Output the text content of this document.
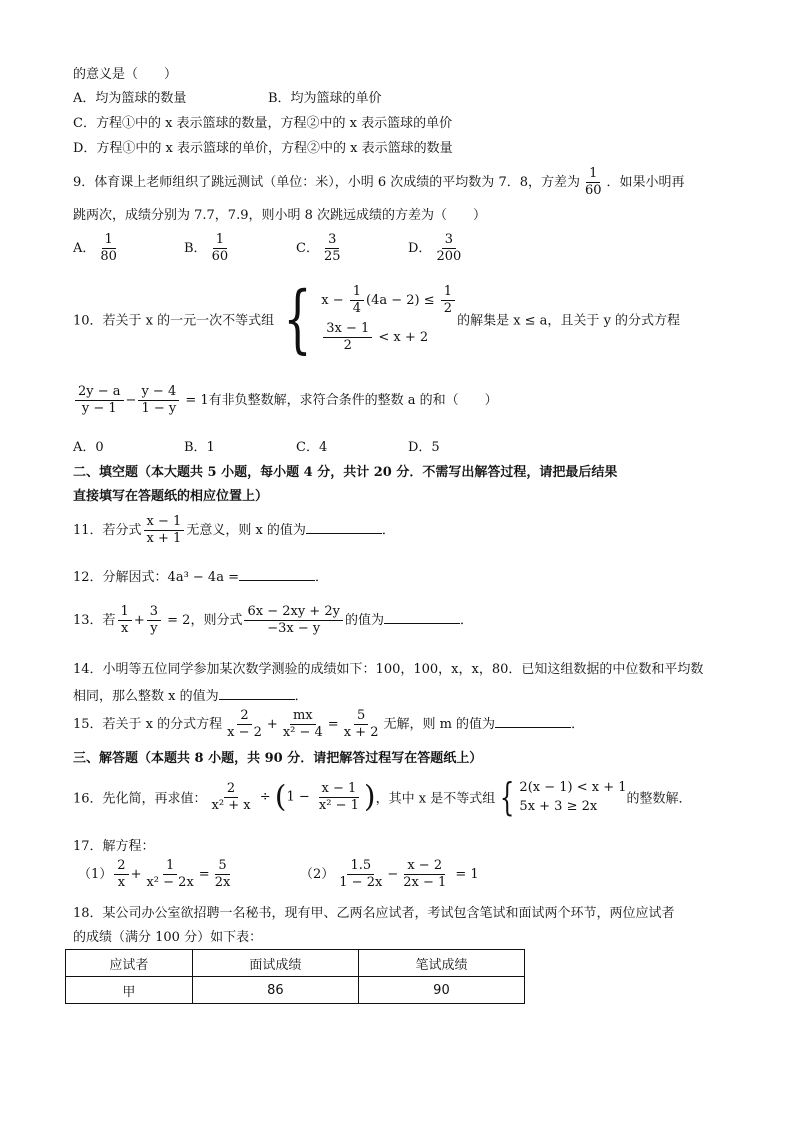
的意义是（　　）
A．均为篮球的数量	B．均为篮球的单价
C．方程①中的 x 表示篮球的数量，方程②中的 x 表示篮球的单价
D．方程①中的 x 表示篮球的单价，方程②中的 x 表示篮球的数量
9．体育课上老师组织了跳远测试（单位：米），小明 6 次成绩的平均数为 7．8，方差为 $\frac{1}{60}$ ．如果小明再
跳两次，成绩分别为 7.7，7.9，则小明 8 次跳远成绩的方差为（　　）
A． $\frac{1}{80}$	B． $\frac{1}{60}$	C． $\frac{3}{25}$	D． $\frac{3}{200}$
10．若关于 x 的一元一次不等式组 { $x - \frac{1}{4} (4a - 2) \le \frac{1}{2}$
$\frac{3x - 1}{2} < x + 2$
的解集是 x ≤ a，且关于 y 的分式方程
$\frac{2y - a}{y - 1} - \frac{y - 4}{1 - y} = 1$有非负整数解，求符合条件的整数 a 的和（　　）
A．0	B．1	C．4	D．5
二、填空题（本大题共 5 小题，每小题 4 分，共计 20 分．不需写出解答过程，请把最后结果
直接填写在答题纸的相应位置上）
11．若分式 $\frac{x - 1}{x + 1}$ 无意义，则 x 的值为	．
12．分解因式：4a³ − 4a =	．
13．若 $\frac{1}{x} + \frac{3}{y} = 2$，则分式 $\frac{6x - 2xy + 2y}{-3x - y}$ 的值为	．
14．小明等五位同学参加某次数学测验的成绩如下：100，100，x，x，80．已知这组数据的中位数和平均数
相同，那么整数 x 的值为	．
15．若关于 x 的分式方程 $\frac{2}{x - 2} + \frac{mx}{\text{x² − 4}} = \frac{5}{x + 2}$ 无解，则 m 的值为	．
三、解答题（本题共 8 小题，共 90 分．请把解答过程写在答题纸上）
16．先化简，再求值： $\frac{2}{\text{x² + x}} \div (1 - \frac{x - 1}{\text{x² − 1}}$ )，其中 x 是不等式组 { 2(x − 1) < x + 1
5x + 3 ≥ 2x	的整数解．
17．解方程：
$(1) \frac{2}{x} + \frac{1}{\text{x² − 2x}} = \frac{5}{2x}$	$(2) \frac{1.5}{1 - 2x} - \frac{x - 2}{2x - 1} = 1$
18．某公司办公室欲招聘一名秘书，现有甲、乙两名应试者，考试包含笔试和面试两个环节，两位应试者
的成绩（满分 100 分）如下表：
应试者	面试成绩	笔试成绩
甲	86	90
